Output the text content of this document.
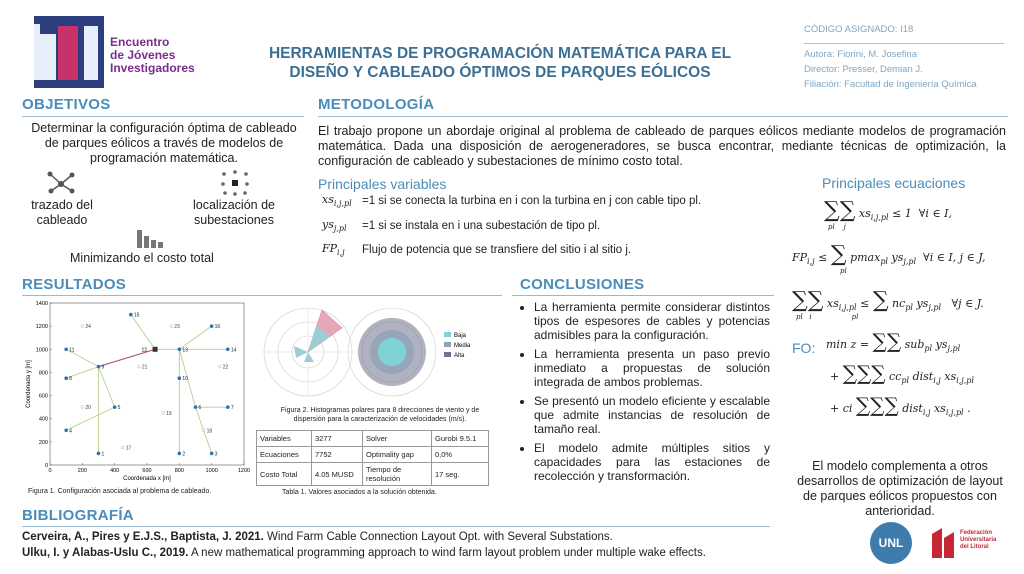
Encuentro
de Jóvenes
Investigadores
HERRAMIENTAS DE PROGRAMACIÓN MATEMÁTICA PARA EL
DISEÑO Y CABLEADO ÓPTIMOS DE PARQUES EÓLICOS
CÓDIGO ASIGNADO: I18
Autora: Fiorini, M. Josefina
Director: Presser, Demian J.
Filiación: Facultad de Ingeniería Química
OBJETIVOS
Determinar la configuración óptima de cableado de parques eólicos a través de modelos de programación matemática.
trazado del cableado
localización de subestaciones
Minimizando el costo total
METODOLOGÍA
El trabajo propone un abordaje original al problema de cableado de parques eólicos mediante modelos de programación matemática. Dada una disposición de aerogeneradores, se busca encontrar, mediante técnicas de optimización, la configuración de cableado y subestaciones de mínimo costo total.
Principales variables
$xs_{i,j,pl} =1$ si se conecta la turbina en i con la turbina en j con cable tipo pl.
$ys_{j,pl} =1$ si se instala en i una subestación de tipo pl.
$FP_{i,j}$ Flujo de potencia que se transfiere del sitio i al sitio j.
Principales ecuaciones
∑∑ $xs_{i,j,pl} \le 1$  ∀i ∈ I,
pl    j
$FP_{i,j}$ ≤ ∑ pmax$_{pl}$ $ys_{j,pl}$  ∀i ∈ I, j ∈ J,
pl
∑∑ $xs_{i,j,pl}$ ≤ ∑ $nc_{pl}$ $ys_{j,pl}$   ∀j ∈ J.
pl   i                  pl
FO: min z = ∑∑ sub$_{pl}$ $ys_{j,pl}$
+ ∑∑∑ $cc_{pl}$ dist$_{i,j}$ $xs_{i,j,pl}$
+ ci ∑∑∑ dist$_{i,j}$ $xs_{i,j,pl}$ .
El modelo complementa a otros desarrollos de optimización de layout de parques eólicos propuestos con anterioridad.
RESULTADOS
0	200	400	600	800	1000	1200
0
200
400
600
800
1000
1200
1400
Coordenada x [m]
Coordenada y [m]
17
18
19
20
21	22
23
24
1	2	3
4
5	6	7
8
9
10
11	13	14
15
16
12
Figura 1. Configuración asociada al problema de cableado.
Baja
Media
Alta
Figura 2. Histogramas polares para 8 direcciones de viento y de dispersión para la caracterización de velocidades (m/s).
Variables	3277	Solver	Gurobi 9.5.1
Ecuaciones	7752	Optimality gap	0,0%
Costo Total	4.05 MUSD	Tiempo de resolución	17 seg.
Tabla 1. Valores asociados a la solución obtenida.
CONCLUSIONES
• La herramienta permite considerar distintos tipos de espesores de cables y potencias admisibles para la configuración.
• La herramienta presenta un paso previo inmediato a propuestas de solución integrada de ambos problemas.
• Se presentó un modelo eficiente y escalable que admite instancias de resolución de tamaño real.
• El modelo admite múltiples sitios y capacidades para las estaciones de recolección y transformación.
BIBLIOGRAFÍA
Cerveira, A., Pires y E.J.S., Baptista, J. 2021. Wind Farm Cable Connection Layout Opt. with Several Substations.
Ulku, I. y Alabas-Uslu C., 2019. A new mathematical programming approach to wind farm layout problem under multiple wake effects.
UNL
Federación
Universitaria
del Litoral
